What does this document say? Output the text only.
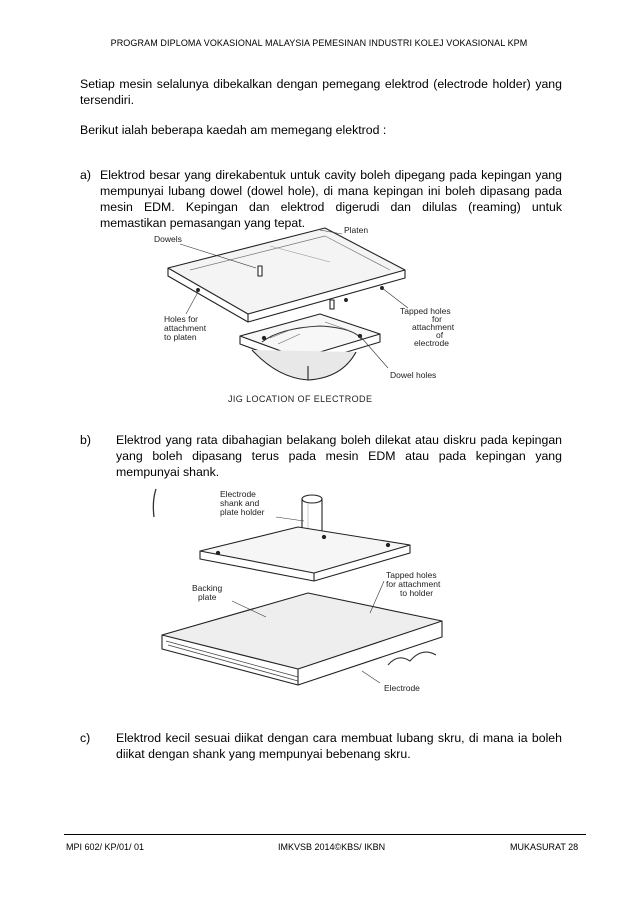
PROGRAM DIPLOMA VOKASIONAL MALAYSIA PEMESINAN INDUSTRI KOLEJ VOKASIONAL KPM
Setiap mesin selalunya dibekalkan dengan pemegang elektrod (electrode holder) yang tersendiri.
Berikut ialah beberapa kaedah am memegang elektrod :
a) Elektrod besar yang direkabentuk untuk cavity boleh dipegang pada kepingan yang mempunyai lubang dowel (dowel hole), di mana kepingan ini boleh dipasang pada mesin EDM. Kepingan dan elektrod digerudi dan dilulas (reaming) untuk memastikan pemasangan yang tepat.
Dowels
Platen
Holes for
attachment
to platen
Tapped holes
for
attachment
of
electrode
Dowel holes
JIG LOCATION OF ELECTRODE
b) Elektrod yang rata dibahagian belakang boleh dilekat atau diskru pada kepingan yang boleh dipasang terus pada mesin EDM atau pada kepingan yang mempunyai shank.
Electrode
shank and
plate holder
Tapped holes
for attachment
to holder
Backing
plate
Electrode
c) Elektrod kecil sesuai diikat dengan cara membuat lubang skru, di mana ia boleh diikat dengan shank yang mempunyai bebenang skru.
MPI 602/ KP/01/ 01	IMKVSB 2014©KBS/ IKBN	MUKASURAT 28
